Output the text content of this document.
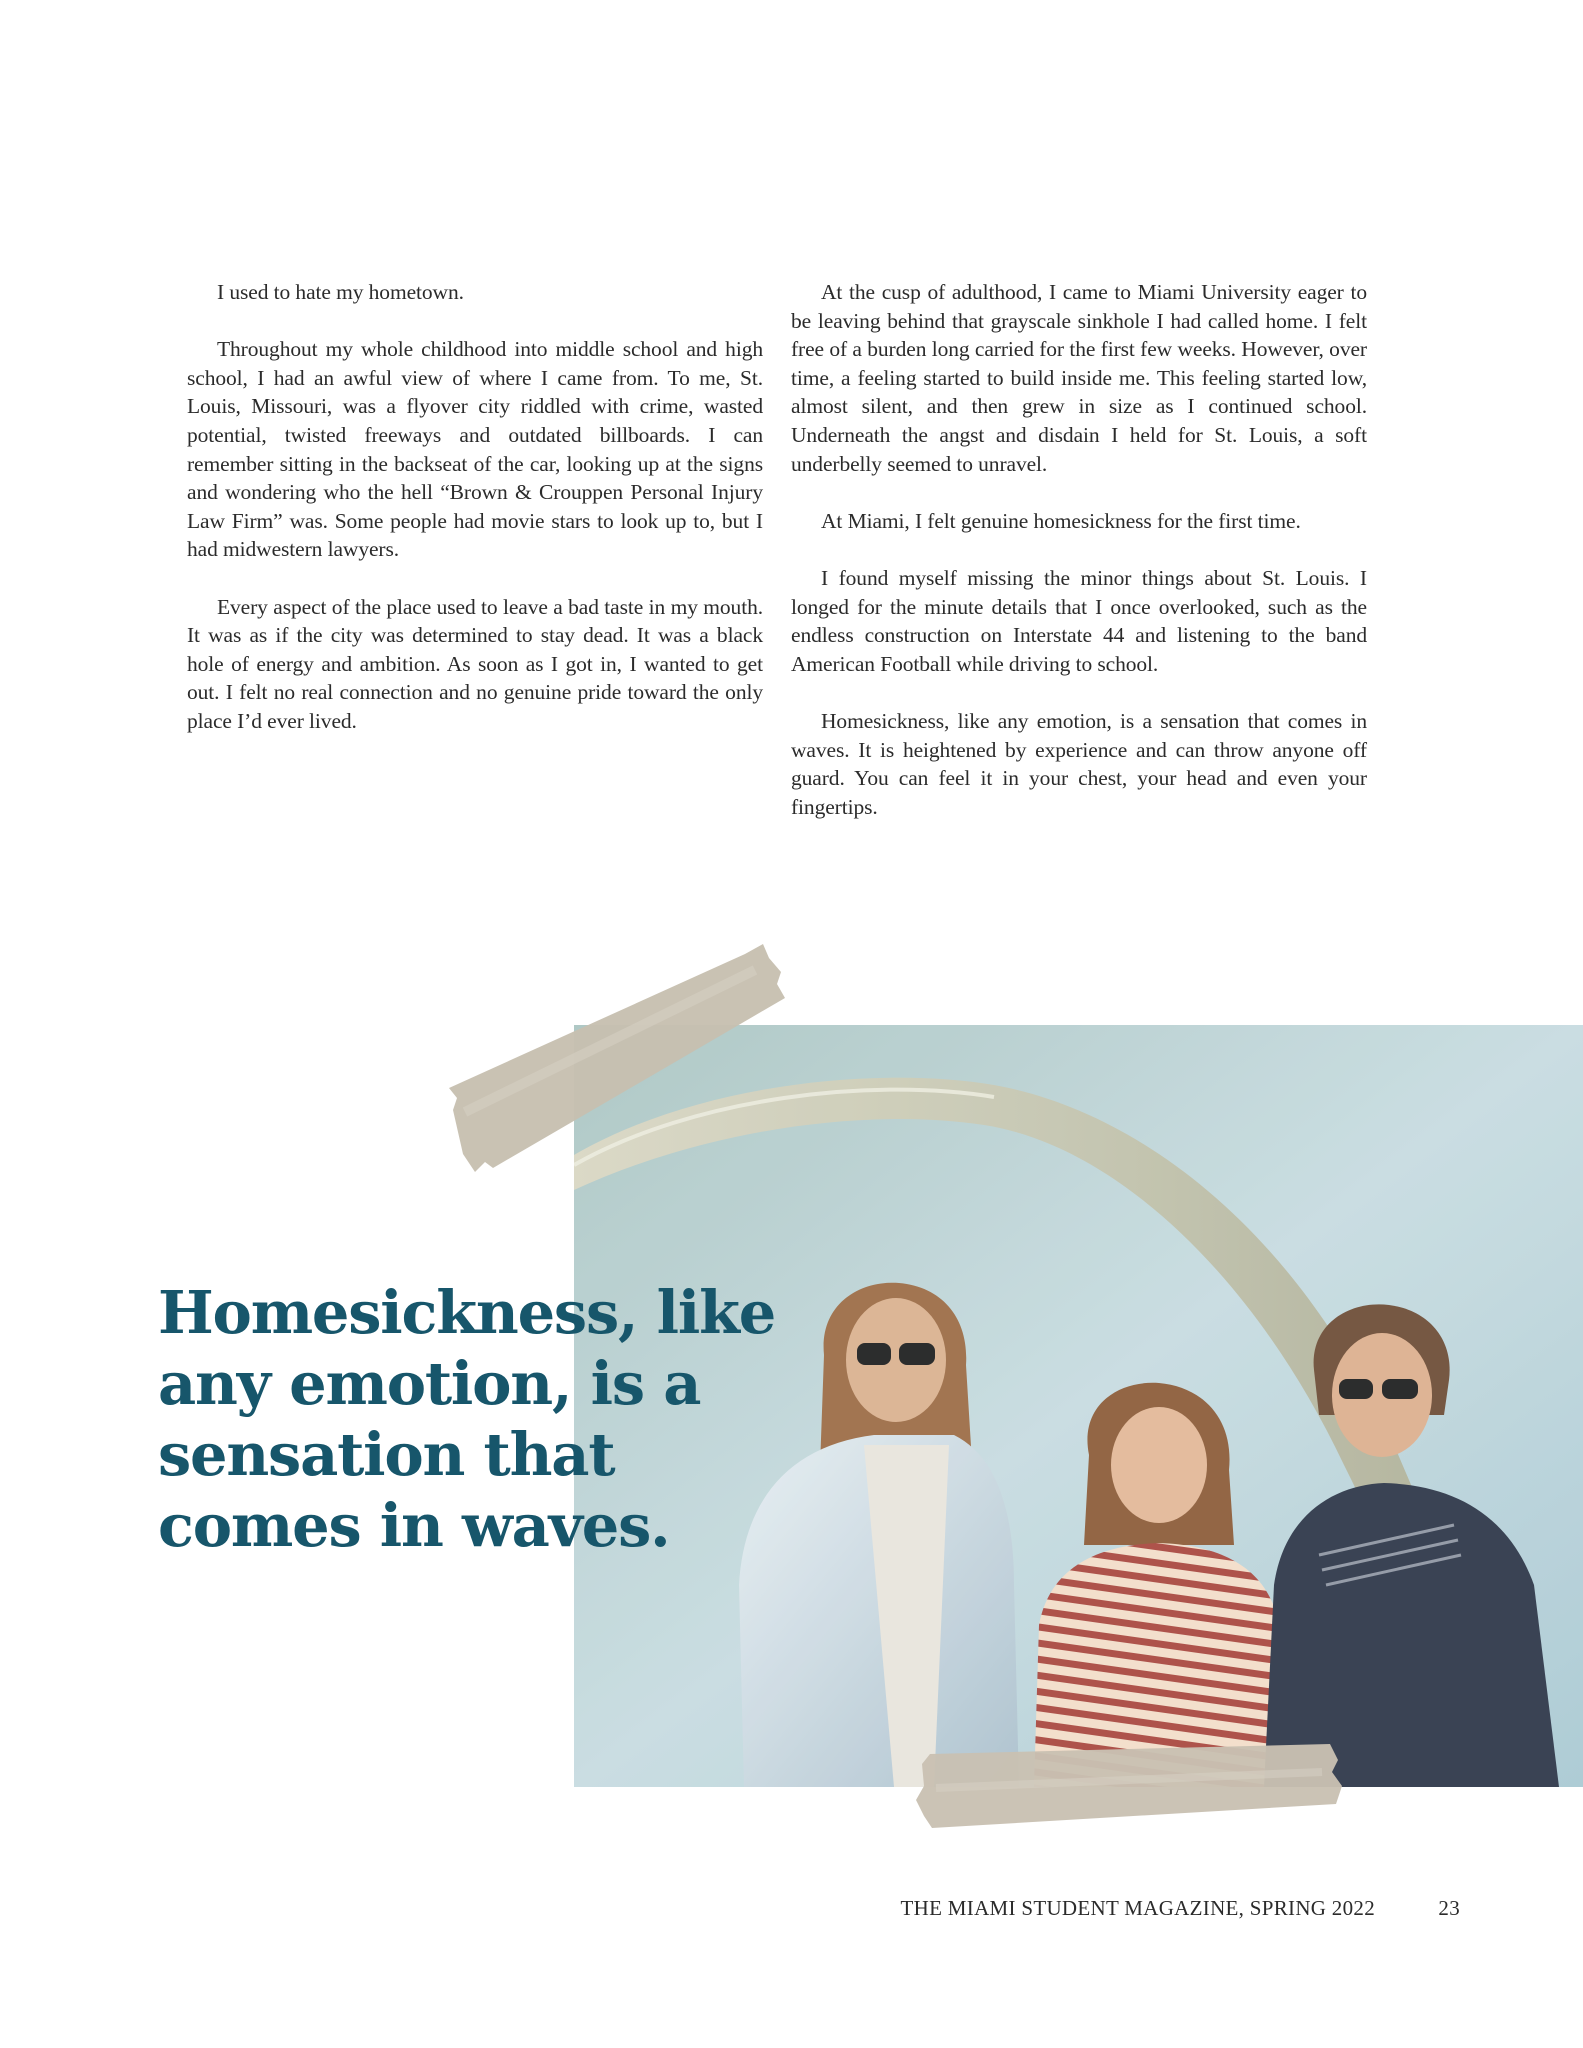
I used to hate my hometown.

Throughout my whole childhood into middle school and high school, I had an awful view of where I came from. To me, St. Louis, Missouri, was a flyover city riddled with crime, wasted potential, twisted freeways and outdated billboards. I can remember sitting in the backseat of the car, looking up at the signs and wondering who the hell “Brown & Crouppen Personal Injury Law Firm” was. Some people had movie stars to look up to, but I had midwestern lawyers.

Every aspect of the place used to leave a bad taste in my mouth. It was as if the city was determined to stay dead. It was a black hole of energy and ambition. As soon as I got in, I wanted to get out. I felt no real connection and no genuine pride toward the only place I’d ever lived.

At the cusp of adulthood, I came to Miami University eager to be leaving behind that grayscale sinkhole I had called home. I felt free of a burden long carried for the first few weeks. However, over time, a feeling started to build inside me. This feeling started low, almost silent, and then grew in size as I continued school. Underneath the angst and disdain I held for St. Louis, a soft underbelly seemed to unravel.

At Miami, I felt genuine homesickness for the first time.

I found myself missing the minor things about St. Louis. I longed for the minute details that I once overlooked, such as the endless construction on Interstate 44 and listening to the band American Football while driving to school.

Homesickness, like any emotion, is a sensation that comes in waves. It is heightened by experience and can throw anyone off guard. You can feel it in your chest, your head and even your fingertips.

Homesickness, like
any emotion, is a
sensation that
comes in waves.
THE MIAMI STUDENT MAGAZINE, SPRING 2022	23
